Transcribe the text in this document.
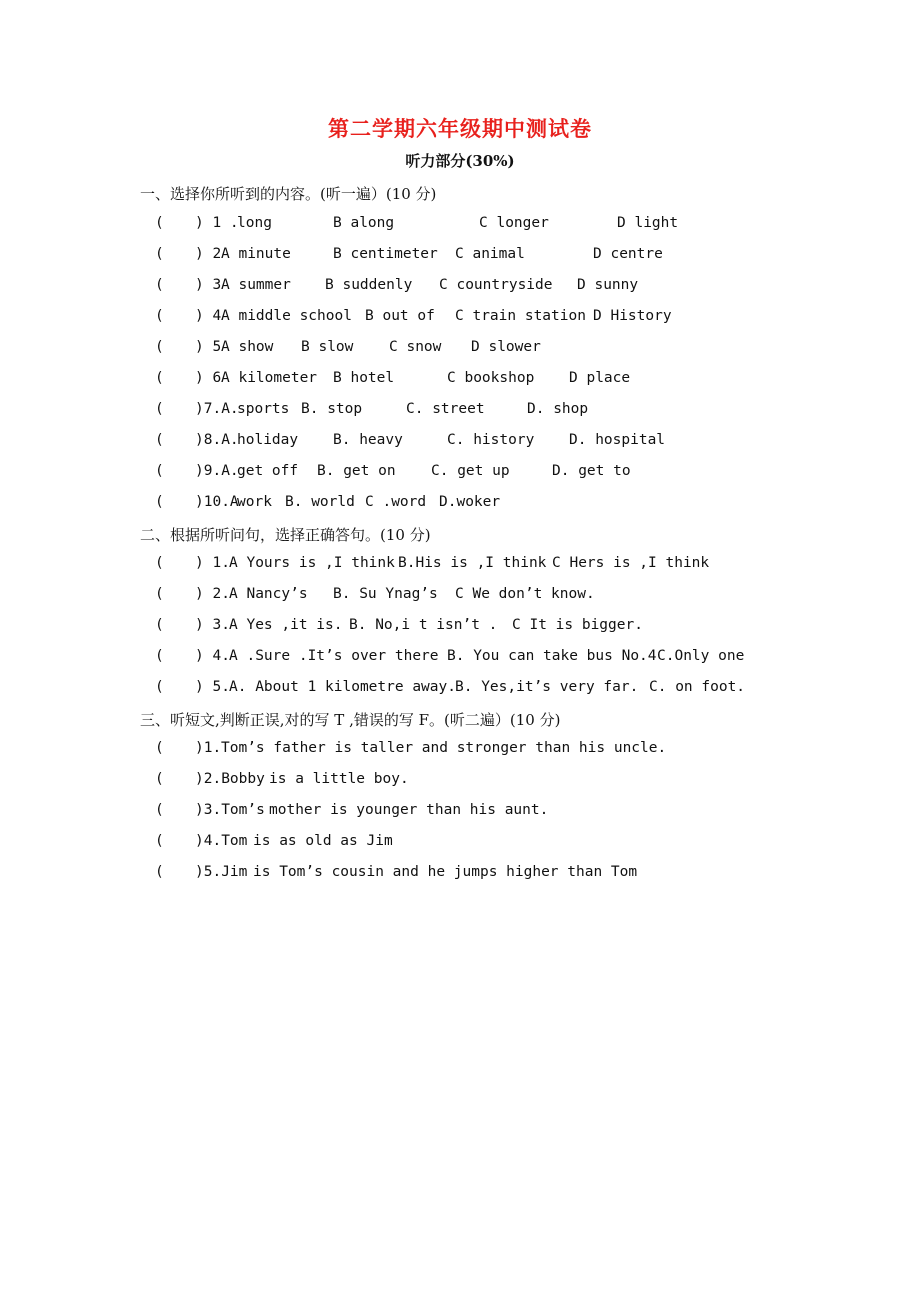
第二学期六年级期中测试卷
听力部分(30%)
一、选择你所听到的内容。(听一遍）(10 分)
( ) 1 .
long	B along	C longer	D light
( ) 2 A minute	B centimeter C animal	D centre
( ) 3 A summer B suddenly C countryside D sunny
( ) 4 A middle school B out of C train station D History
( ) 5 A show B slow C snow D slower
( ) 6 A kilometer B hotel	C bookshop D place
( )7.A.
sports B. stop	C. street	D. shop
( )8.A.
holiday B. heavy	C. history D. hospital
( )9.A.
get off B. get on C. get up	D. get to
( )10.A
work B. world C .word D.woker
二、根据所听问句，选择正确答句。(10 分)
( ) 1. A Yours is ,I think B.His is ,I think C Hers is ,I think
( ) 2. A Nancy’s B. Su Ynag’s C We don’t know.
( ) 3. A Yes ,it is. B. No,i t isn’t . C It is bigger.
( ) 4. A .Sure .It’s over there B. You can take bus No.4 C.Only one
( ) 5. A. About 1 kilometre away. B. Yes,it’s very far. C. on foot.
三、听短文,判断正误,对的写 T ,错误的写 F。(听二遍）(10 分)
( )1. Tom’s father is taller and stronger than his uncle.
( )2.Bobby is a little boy.
( )3.Tom’s mother is younger than his aunt.
( )4.Tom is as old as Jim
( )5.Jim is Tom’s cousin and he jumps higher than Tom
